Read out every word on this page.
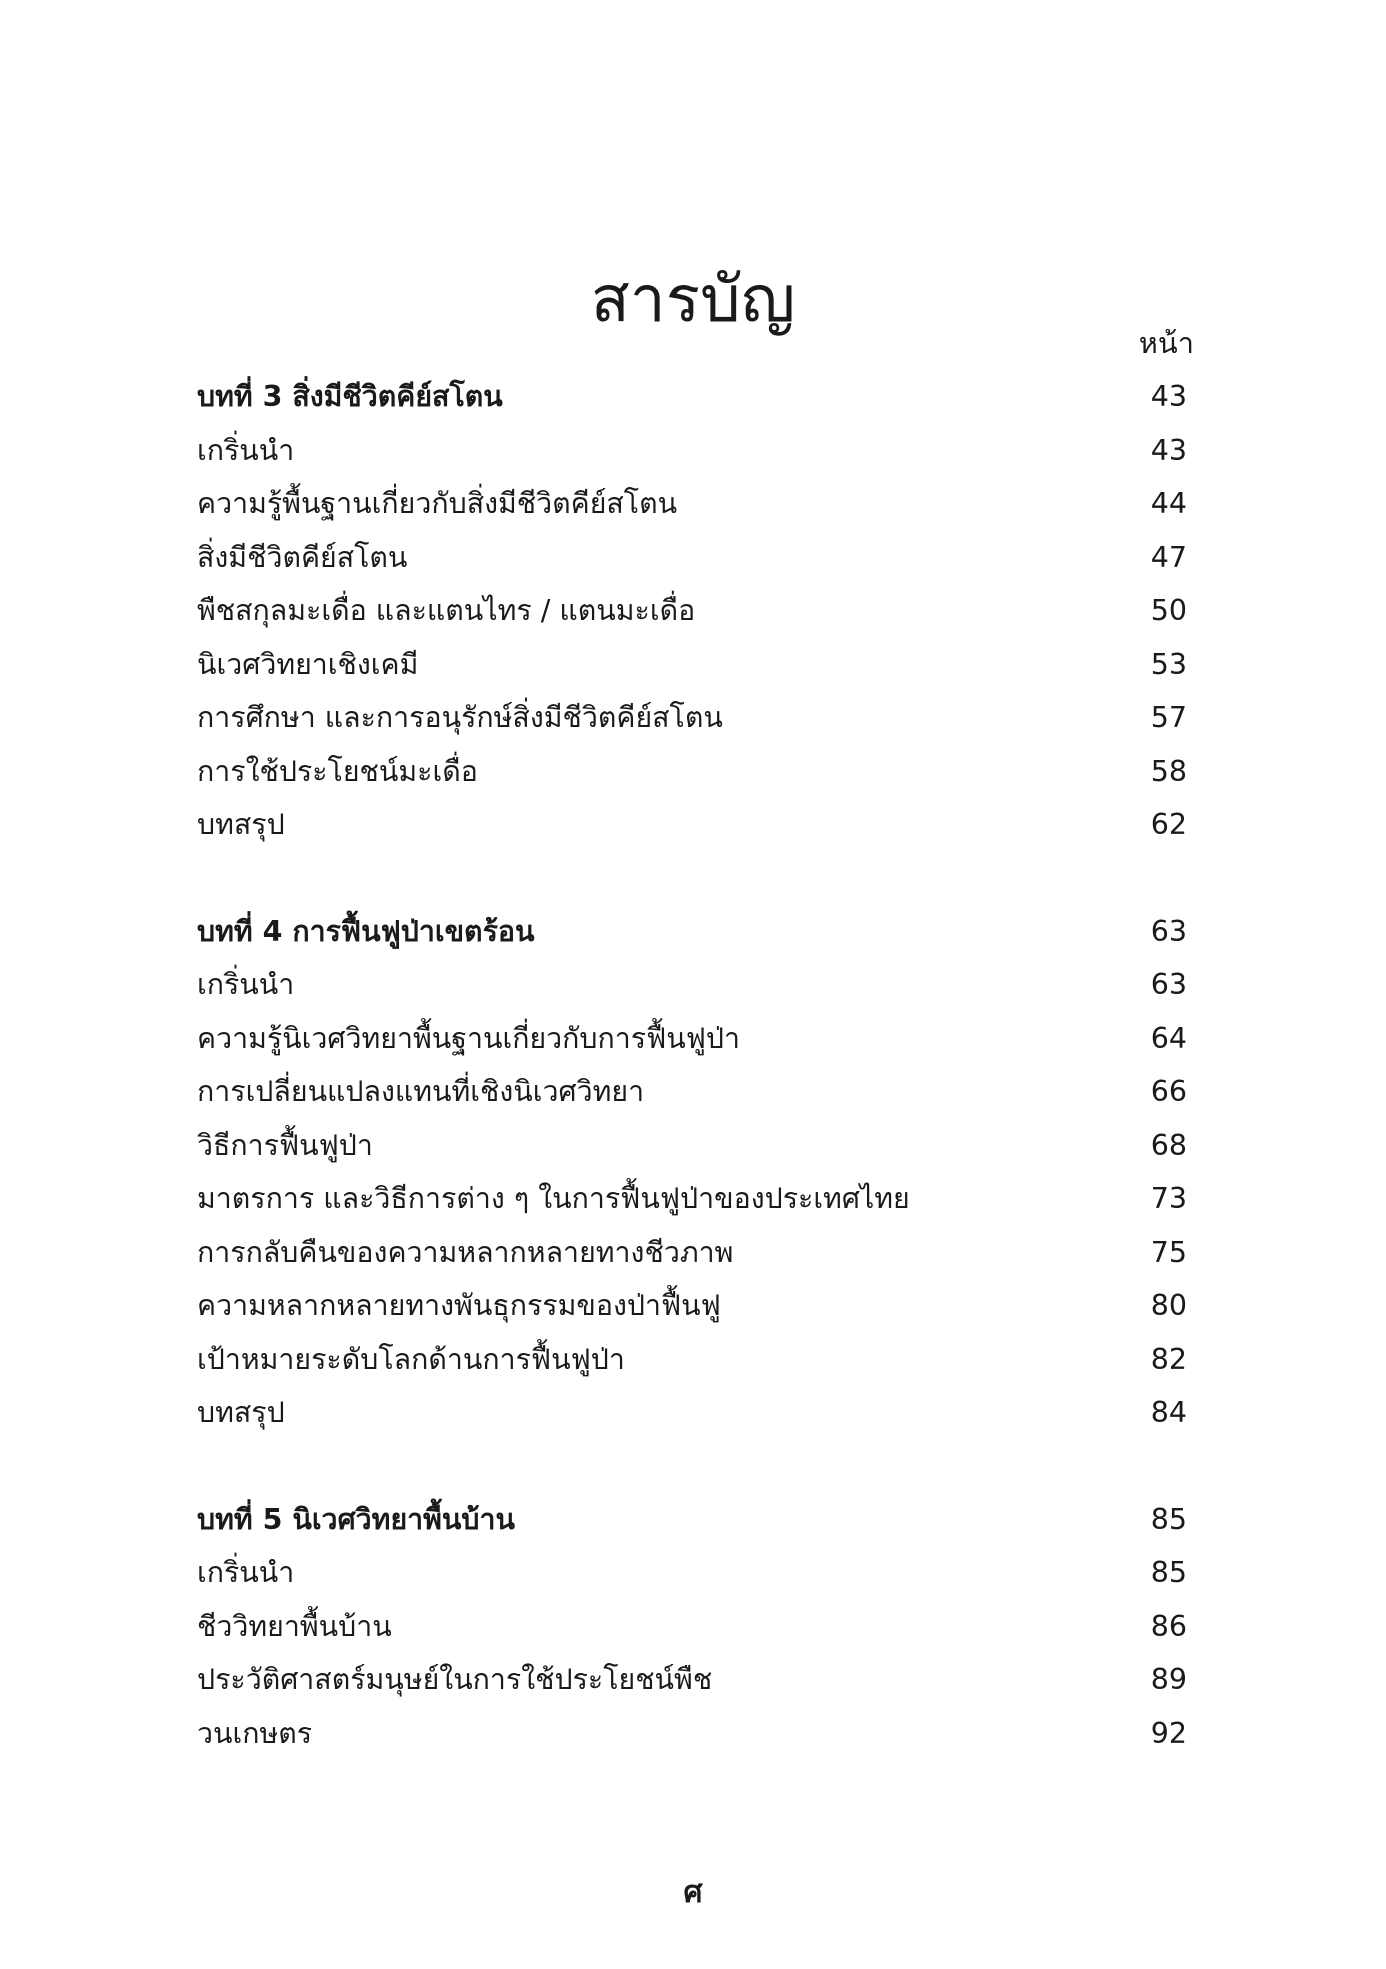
สารบัญ
หน้า
บทที่ 3 สิ่งมีชีวิตคีย์สโตน	43
เกริ่นนำ	43
ความรู้พื้นฐานเกี่ยวกับสิ่งมีชีวิตคีย์สโตน	44
สิ่งมีชีวิตคีย์สโตน	47
พืชสกุลมะเดื่อ และแตนไทร / แตนมะเดื่อ	50
นิเวศวิทยาเชิงเคมี	53
การศึกษา และการอนุรักษ์สิ่งมีชีวิตคีย์สโตน	57
การใช้ประโยชน์มะเดื่อ	58
บทสรุป	62
บทที่ 4 การฟื้นฟูป่าเขตร้อน	63
เกริ่นนำ	63
ความรู้นิเวศวิทยาพื้นฐานเกี่ยวกับการฟื้นฟูป่า	64
การเปลี่ยนแปลงแทนที่เชิงนิเวศวิทยา	66
วิธีการฟื้นฟูป่า	68
มาตรการ และวิธีการต่าง ๆ ในการฟื้นฟูป่าของประเทศไทย	73
การกลับคืนของความหลากหลายทางชีวภาพ	75
ความหลากหลายทางพันธุกรรมของป่าฟื้นฟู	80
เป้าหมายระดับโลกด้านการฟื้นฟูป่า	82
บทสรุป	84
บทที่ 5 นิเวศวิทยาพื้นบ้าน	85
เกริ่นนำ	85
ชีววิทยาพื้นบ้าน	86
ประวัติศาสตร์มนุษย์ในการใช้ประโยชน์พืช	89
วนเกษตร	92
ศ
